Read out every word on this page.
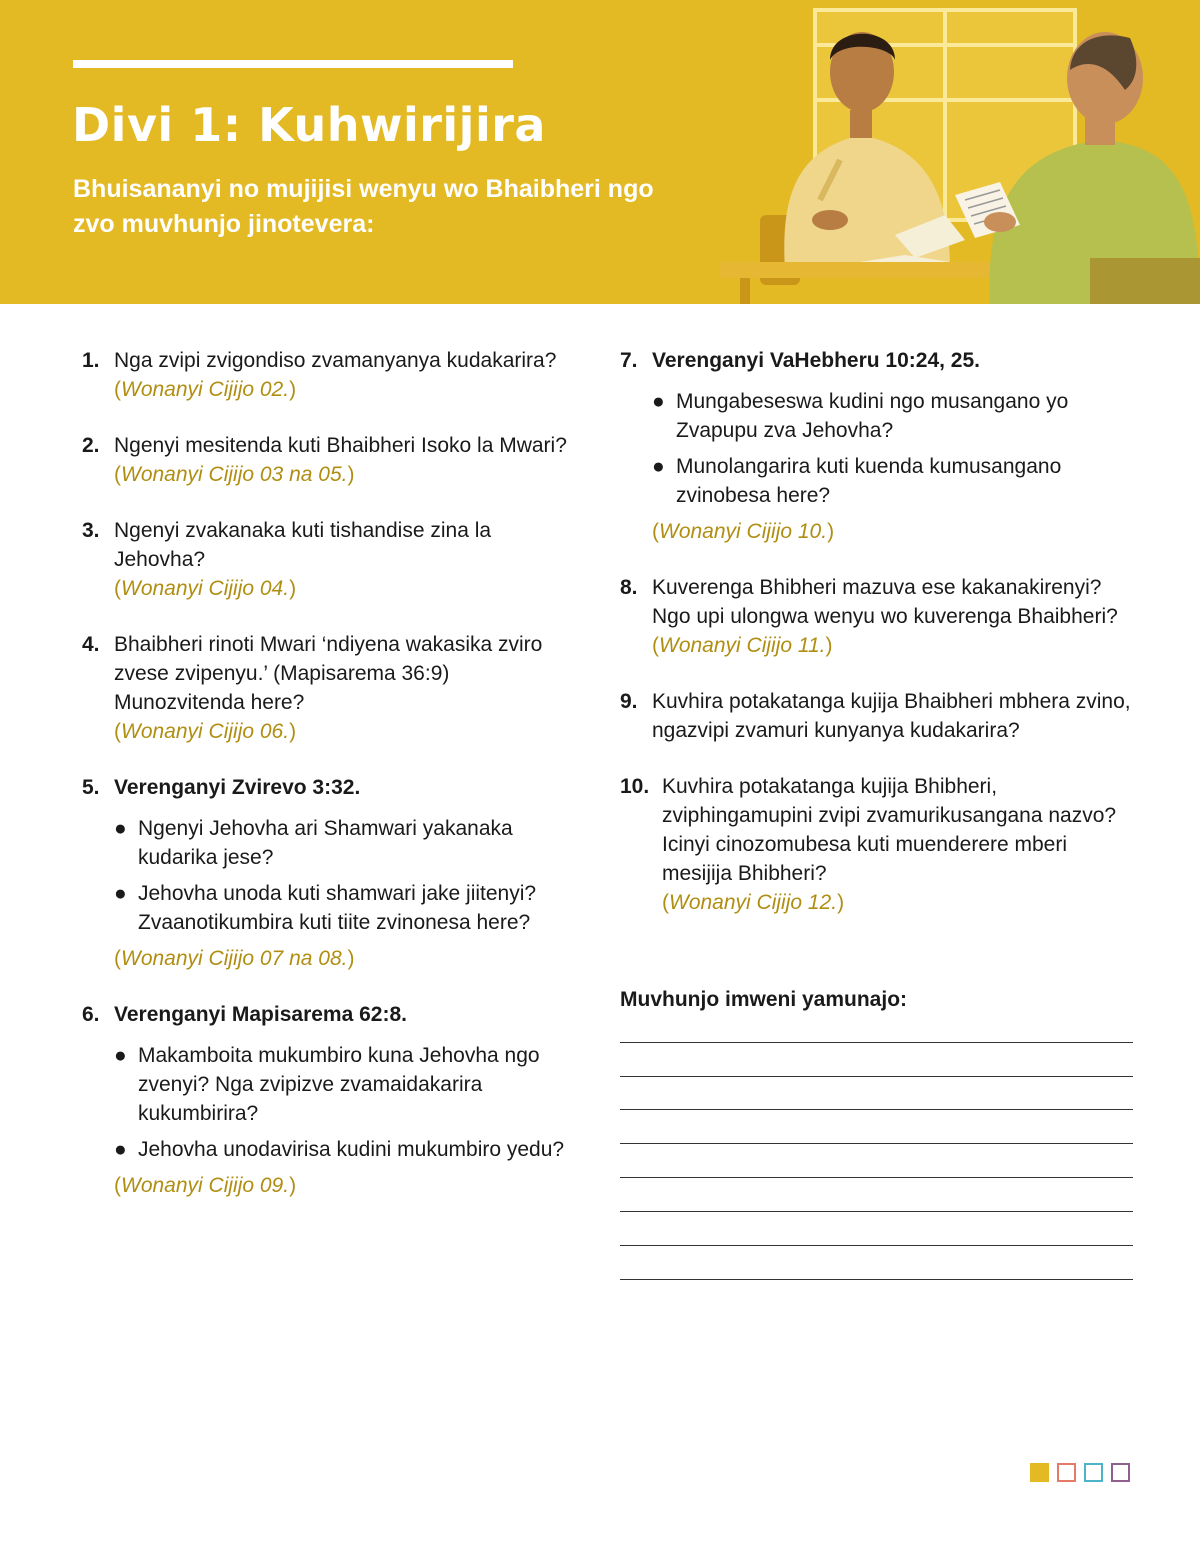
Divi 1: Kuhwirijira

Bhuisananyi no mujijisi wenyu wo Bhaibheri ngo zvo muvhunjo jinotevera:

1. Nga zvipi zvigondiso zvamanyanya kudakarira?
(Wonanyi Cijijo 02.)
2. Ngenyi mesitenda kuti Bhaibheri Isoko la Mwari?
(Wonanyi Cijijo 03 na 05.)
3. Ngenyi zvakanaka kuti tishandise zina la Jehovha?
(Wonanyi Cijijo 04.)
4. Bhaibheri rinoti Mwari ‘ndiyena wakasika zviro zvese zvipenyu.’ (Mapisarema 36:9) Munozvitenda here?
(Wonanyi Cijijo 06.)
5. Verenganyi Zvirevo 3:32.
● Ngenyi Jehovha ari Shamwari yakanaka kudarika jese?
● Jehovha unoda kuti shamwari jake jiitenyi? Zvaanotikumbira kuti tiite zvinonesa here?
(Wonanyi Cijijo 07 na 08.)
6. Verenganyi Mapisarema 62:8.
● Makamboita mukumbiro kuna Jehovha ngo zvenyi? Nga zvipizve zvamaidakarira kukumbirira?
● Jehovha unodavirisa kudini mukumbiro yedu?
(Wonanyi Cijijo 09.)
7. Verenganyi VaHebheru 10:24, 25.
● Mungabeseswa kudini ngo musangano yo Zvapupu zva Jehovha?
● Munolangarira kuti kuenda kumusangano zvinobesa here?
(Wonanyi Cijijo 10.)
8. Kuverenga Bhibheri mazuva ese kakanakirenyi? Ngo upi ulongwa wenyu wo kuverenga Bhaibheri?
(Wonanyi Cijijo 11.)
9. Kuvhira potakatanga kujija Bhaibheri mbhera zvino, ngazvipi zvamuri kunyanya kudakarira?
10. Kuvhira potakatanga kujija Bhibheri, zviphingamupini zvipi zvamurikusangana nazvo? Icinyi cinozomubesa kuti muenderere mberi mesijija Bhibheri?
(Wonanyi Cijijo 12.)
Muvhunjo imweni yamunajo:
